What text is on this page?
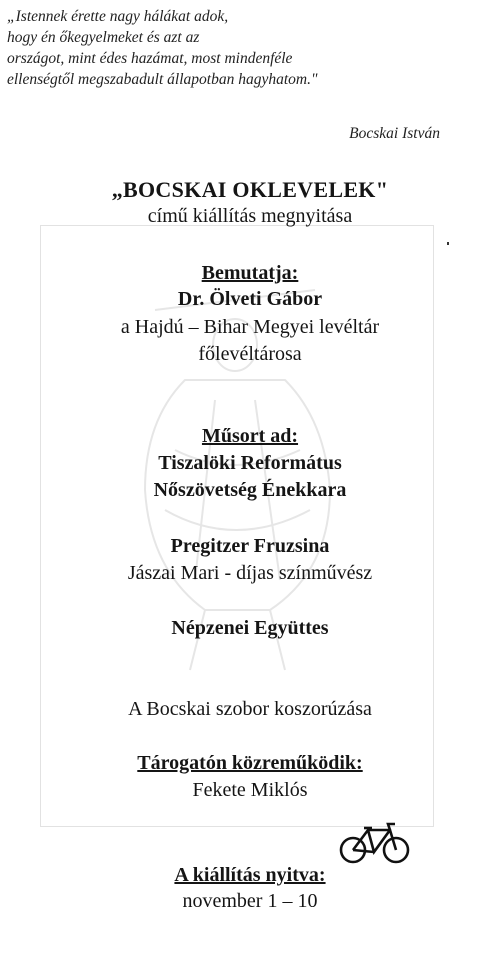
„Istennek érette nagy hálákat adok,
hogy én őkegyelmeket és azt az
országot, mint édes hazámat, most mindenféle
ellenségtől megszabadult állapotban hagyhatom."
Bocskai István
„BOCSKAI OKLEVELEK"
című kiállítás megnyitása
Bemutatja:
Dr. Ölveti Gábor
a Hajdú – Bihar Megyei levéltár
főlevéltárosa
Műsort ad:
Tiszalöki Református
Nőszövetség Énekkara
Pregitzer Fruzsina
Jászai Mari - díjas színművész
Népzenei Együttes
A Bocskai szobor koszorúzása
Tárogatón közreműködik:
Fekete Miklós
A kiállítás nyitva:
november 1 – 10
